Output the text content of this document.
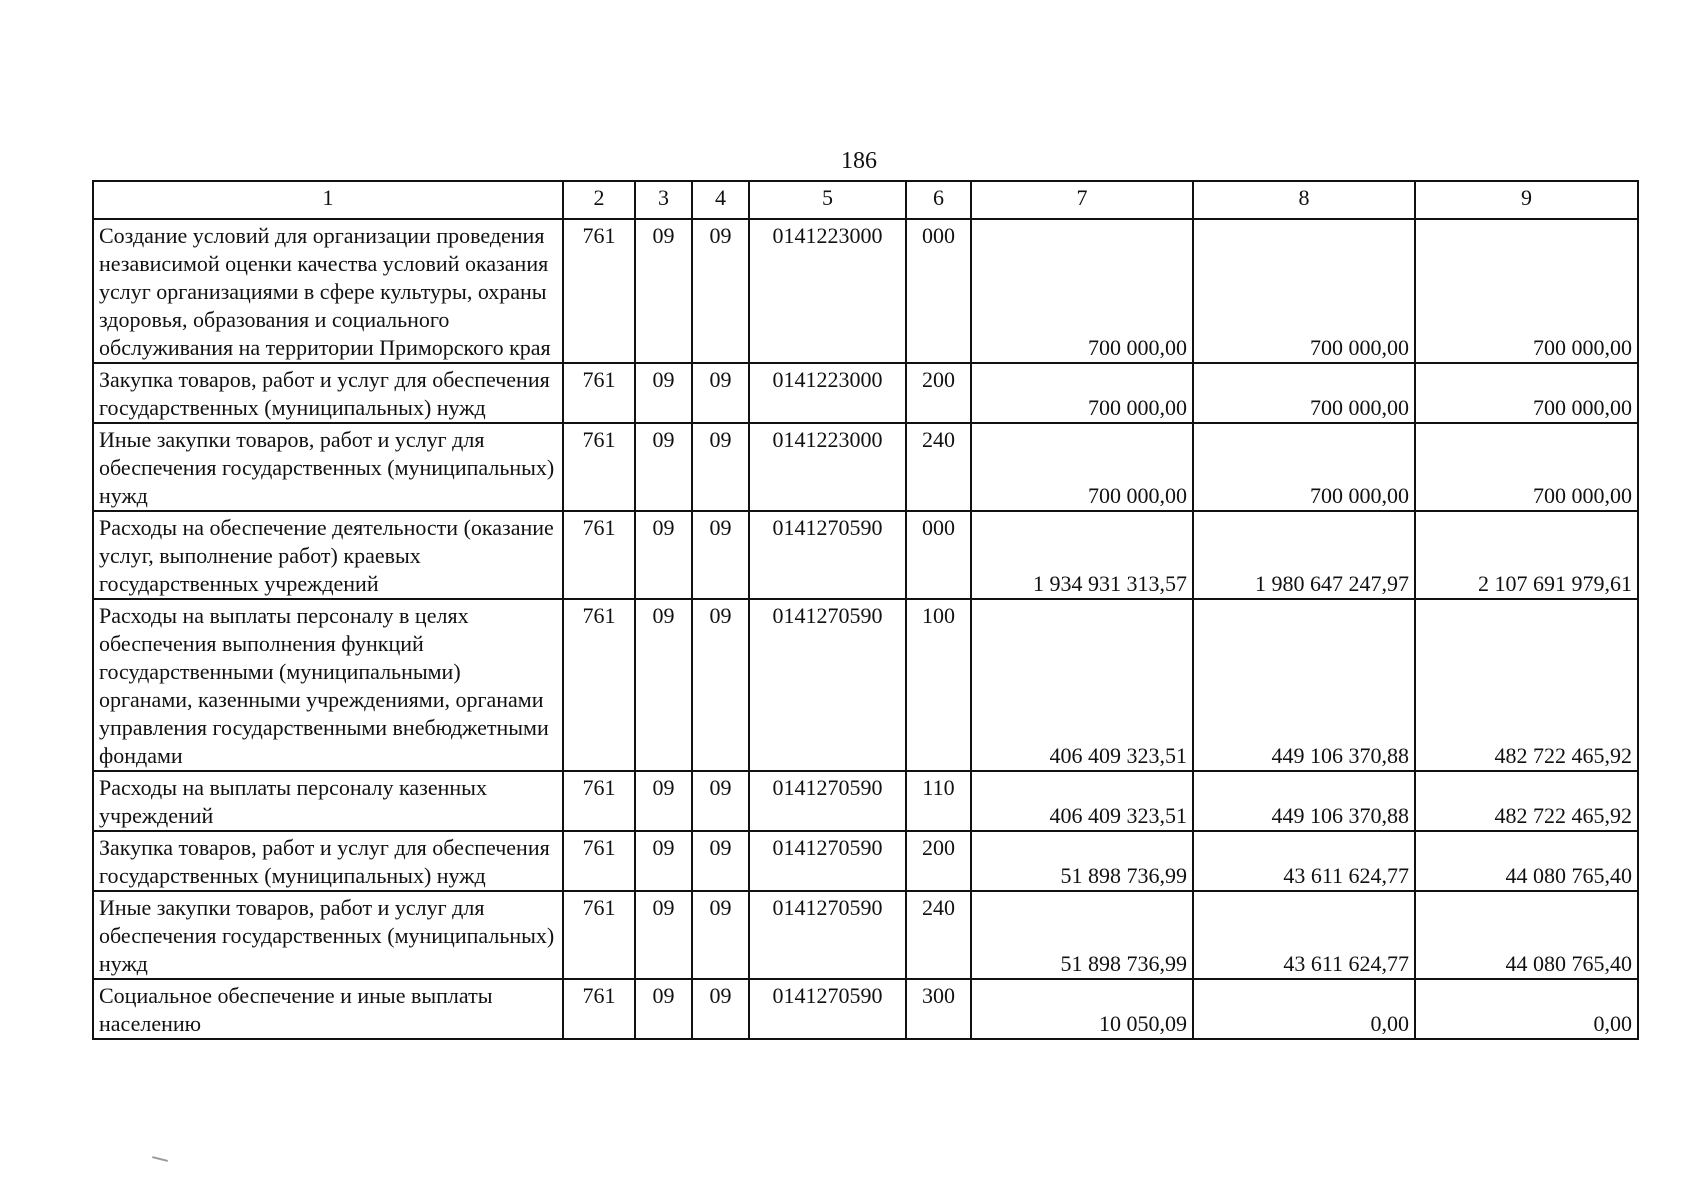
186
1	2	3	4	5	6	7	8	9
Создание условий для организации проведения независимой оценки качества условий оказания услуг организациями в сфере культуры, охраны здоровья, образования и социального обслуживания на территории Приморского края	761	09	09	0141223000	000	700 000,00	700 000,00	700 000,00
Закупка товаров, работ и услуг для обеспечения государственных (муниципальных) нужд	761	09	09	0141223000	200	700 000,00	700 000,00	700 000,00
Иные закупки товаров, работ и услуг для обеспечения государственных (муниципальных) нужд	761	09	09	0141223000	240	700 000,00	700 000,00	700 000,00
Расходы на обеспечение деятельности (оказание услуг, выполнение работ) краевых государственных учреждений	761	09	09	0141270590	000	1 934 931 313,57	1 980 647 247,97	2 107 691 979,61
Расходы на выплаты персоналу в целях обеспечения выполнения функций государственными (муниципальными) органами, казенными учреждениями, органами управления государственными внебюджетными фондами	761	09	09	0141270590	100	406 409 323,51	449 106 370,88	482 722 465,92
Расходы на выплаты персоналу казенных учреждений	761	09	09	0141270590	110	406 409 323,51	449 106 370,88	482 722 465,92
Закупка товаров, работ и услуг для обеспечения государственных (муниципальных) нужд	761	09	09	0141270590	200	51 898 736,99	43 611 624,77	44 080 765,40
Иные закупки товаров, работ и услуг для обеспечения государственных (муниципальных) нужд	761	09	09	0141270590	240	51 898 736,99	43 611 624,77	44 080 765,40
Социальное обеспечение и иные выплаты населению	761	09	09	0141270590	300	10 050,09	0,00	0,00
